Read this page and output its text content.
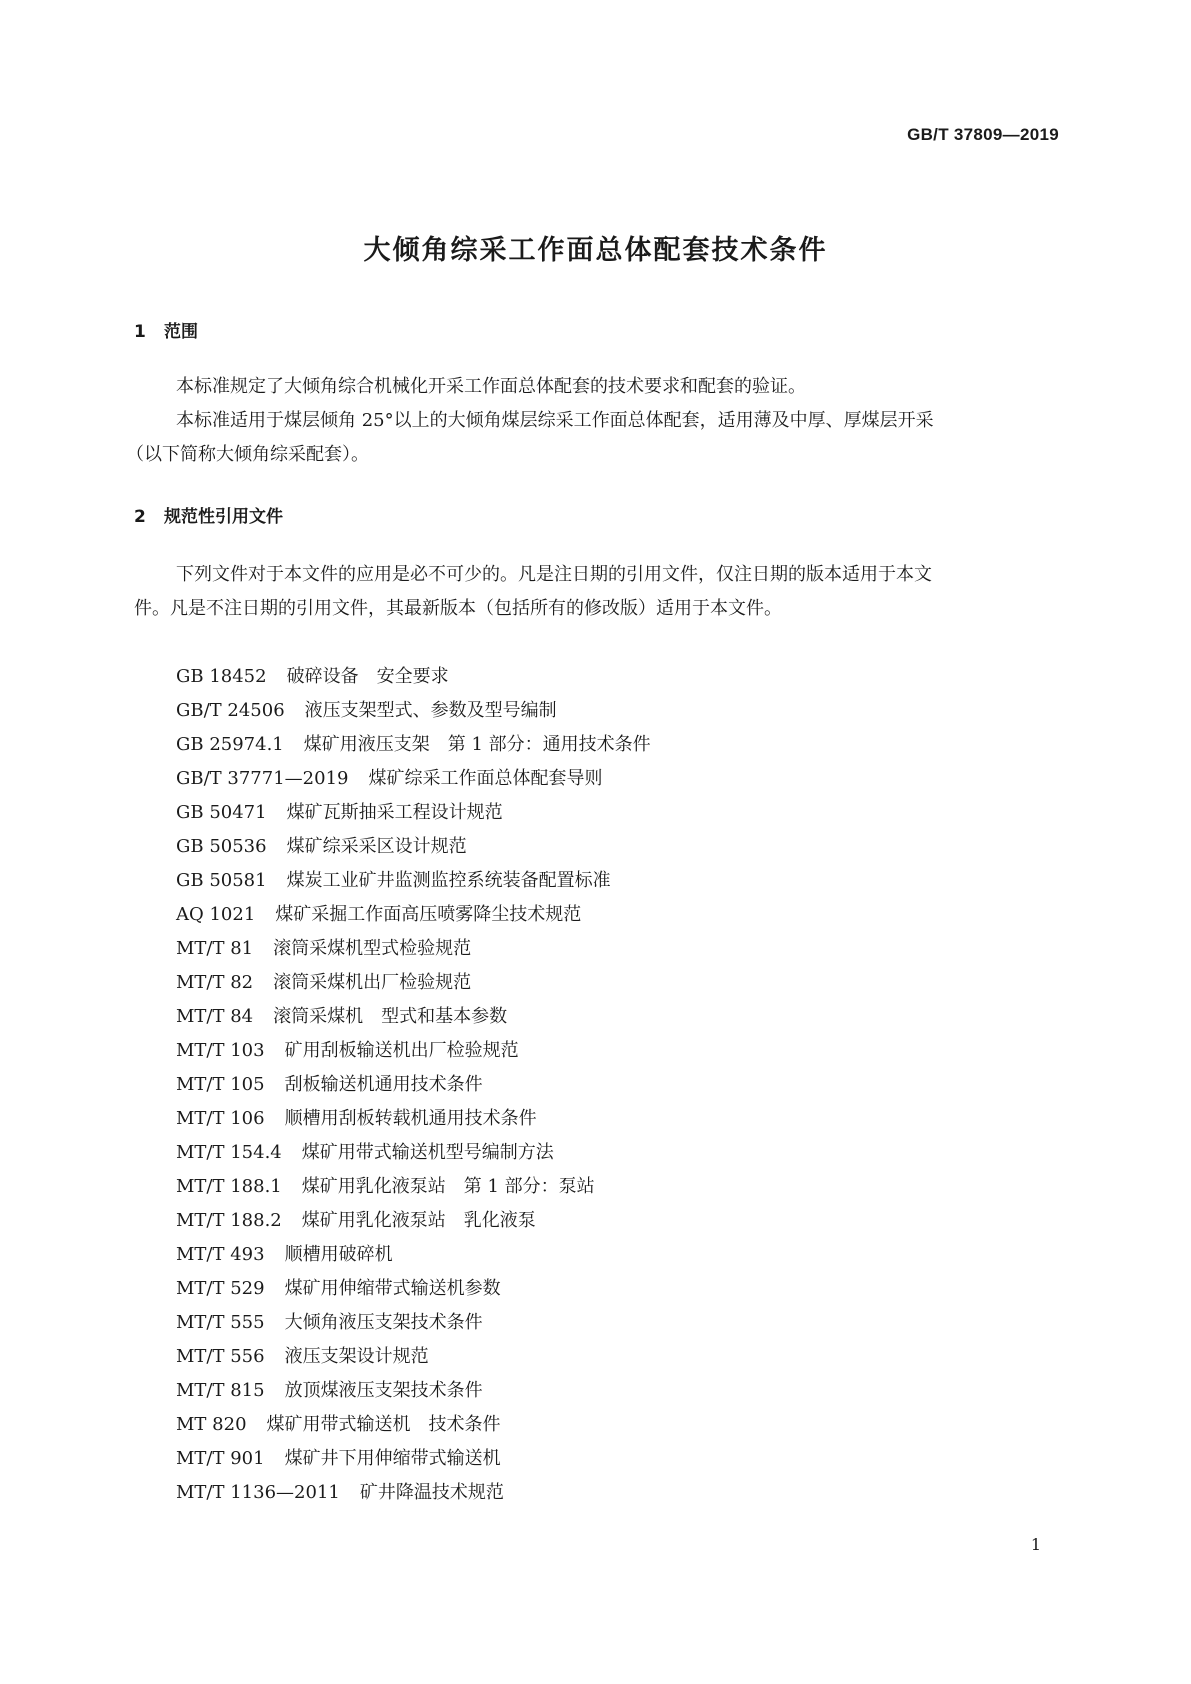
GB/T 37809—2019
大倾角综采工作面总体配套技术条件
1 范围

本标准规定了大倾角综合机械化开采工作面总体配套的技术要求和配套的验证。

本标准适用于煤层倾角 25°以上的大倾角煤层综采工作面总体配套，适用薄及中厚、厚煤层开采
（以下简称大倾角综采配套）。

2 规范性引用文件

下列文件对于本文件的应用是必不可少的。凡是注日期的引用文件，仅注日期的版本适用于本文
件。凡是不注日期的引用文件，其最新版本（包括所有的修改版）适用于本文件。

GB 18452 破碎设备　安全要求
GB/T 24506 液压支架型式、参数及型号编制
GB 25974.1 煤矿用液压支架　第 1 部分：通用技术条件
GB/T 37771—2019 煤矿综采工作面总体配套导则
GB 50471 煤矿瓦斯抽采工程设计规范
GB 50536 煤矿综采采区设计规范
GB 50581 煤炭工业矿井监测监控系统装备配置标准
AQ 1021 煤矿采掘工作面高压喷雾降尘技术规范
MT/T 81 滚筒采煤机型式检验规范
MT/T 82 滚筒采煤机出厂检验规范
MT/T 84 滚筒采煤机　型式和基本参数
MT/T 103 矿用刮板输送机出厂检验规范
MT/T 105 刮板输送机通用技术条件
MT/T 106 顺槽用刮板转载机通用技术条件
MT/T 154.4 煤矿用带式输送机型号编制方法
MT/T 188.1 煤矿用乳化液泵站　第 1 部分：泵站
MT/T 188.2 煤矿用乳化液泵站　乳化液泵
MT/T 493 顺槽用破碎机
MT/T 529 煤矿用伸缩带式输送机参数
MT/T 555 大倾角液压支架技术条件
MT/T 556 液压支架设计规范
MT/T 815 放顶煤液压支架技术条件
MT 820 煤矿用带式输送机　技术条件
MT/T 901 煤矿井下用伸缩带式输送机
MT/T 1136—2011 矿井降温技术规范
1
